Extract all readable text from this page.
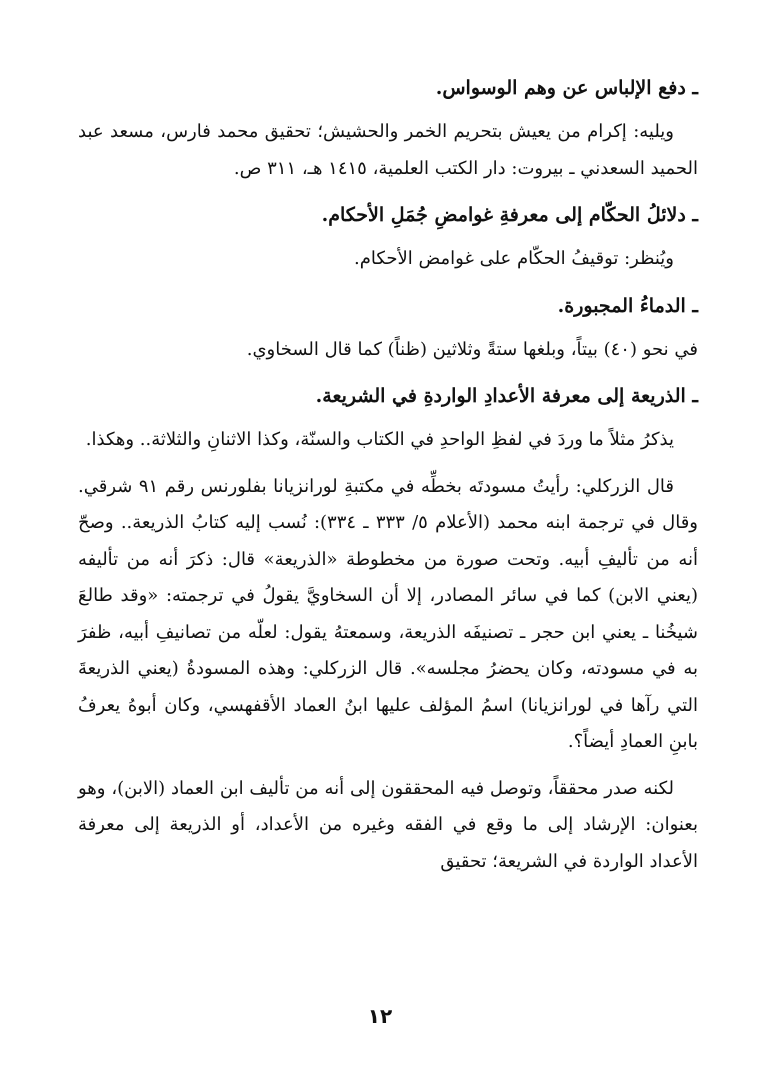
ـ دفع الإلباس عن وهم الوسواس.

ويليه: إكرام من يعيش بتحريم الخمر والحشيش؛ تحقيق محمد فارس، مسعد عبد الحميد السعدني ـ بيروت: دار الكتب العلمية، ١٤١٥ هـ، ٣١١ ص.

ـ دلائلُ الحكّام إلى معرفةِ غوامضِ جُمَلِ الأحكام.

ويُنظر: توقيفُ الحكّام على غوامض الأحكام.

ـ الدماءُ المجبورة.

في نحو (٤٠) بيتاً، وبلغها ستةً وثلاثين (ظناً) كما قال السخاوي.

ـ الذريعة إلى معرفة الأعدادِ الواردةِ في الشريعة.

يذكرُ مثلاً ما وردَ في لفظِ الواحدِ في الكتاب والسنّة، وكذا الاثنانِ والثلاثة.. وهكذا.

قال الزركلي: رأيتُ مسودتَه بخطِّه في مكتبةِ لورانزيانا بفلورنس رقم ٩١ شرقي. وقال في ترجمة ابنه محمد (الأعلام ٥/ ٣٣٣ ـ ٣٣٤): نُسب إليه كتابُ الذريعة.. وصحّ أنه من تأليفِ أبيه. وتحت صورة من مخطوطة «الذريعة» قال: ذكرَ أنه من تأليفه (يعني الابن) كما في سائر المصادر، إلا أن السخاويَّ يقولُ في ترجمته: «وقد طالعَ شيخُنا ـ يعني ابن حجر ـ تصنيفَه الذريعة، وسمعتهُ يقول: لعلّه من تصانيفِ أبيه، ظفرَ به في مسودته، وكان يحضرُ مجلسه». قال الزركلي: وهذه المسودةُ (يعني الذريعةَ التي رآها في لورانزيانا) اسمُ المؤلف عليها ابنُ العماد الأقفهسي، وكان أبوهُ يعرفُ بابنِ العمادِ أيضاً؟.

لكنه صدر محققاً، وتوصل فيه المحققون إلى أنه من تأليف ابن العماد (الابن)، وهو بعنوان: الإرشاد إلى ما وقع في الفقه وغيره من الأعداد، أو الذريعة إلى معرفة الأعداد الواردة في الشريعة؛ تحقيق

١٢
